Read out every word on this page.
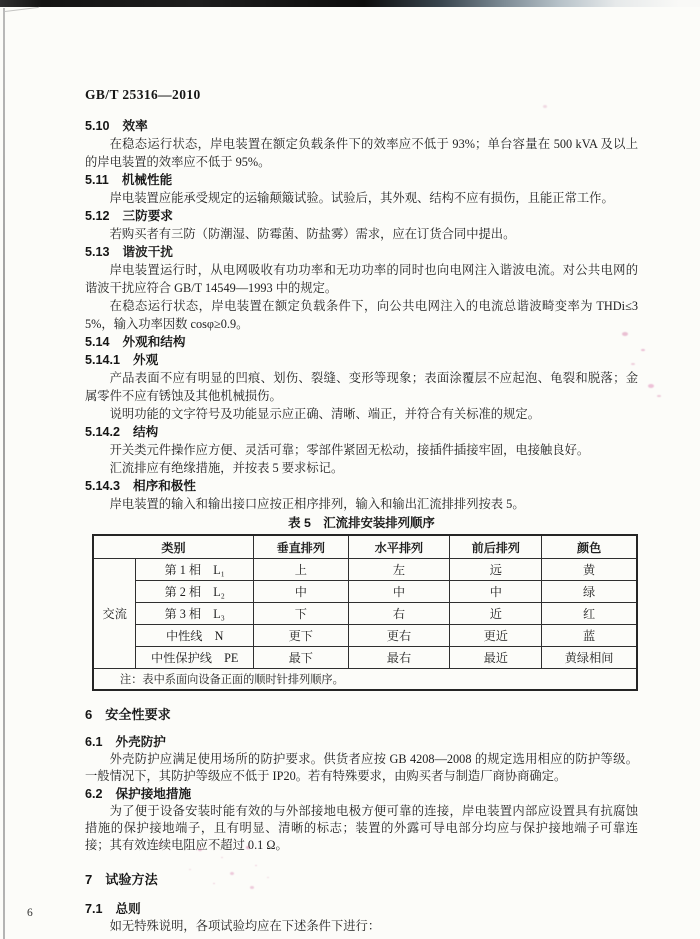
GB/T 25316—2010

5.10 效率

在稳态运行状态，岸电装置在额定负载条件下的效率应不低于 93%；单台容量在 500 kVA 及以上的岸电装置的效率应不低于 95%。

5.11 机械性能

岸电装置应能承受规定的运输颠簸试验。试验后，其外观、结构不应有损伤，且能正常工作。

5.12 三防要求

若购买者有三防（防潮湿、防霉菌、防盐雾）需求，应在订货合同中提出。

5.13 谐波干扰

岸电装置运行时，从电网吸收有功功率和无功功率的同时也向电网注入谐波电流。对公共电网的谐波干扰应符合 GB/T 14549—1993 中的规定。

在稳态运行状态，岸电装置在额定负载条件下，向公共电网注入的电流总谐波畸变率为 THDi≤35%，输入功率因数 cosφ≥0.9。

5.14 外观和结构

5.14.1 外观

产品表面不应有明显的凹痕、划伤、裂缝、变形等现象；表面涂覆层不应起泡、龟裂和脱落；金属零件不应有锈蚀及其他机械损伤。

说明功能的文字符号及功能显示应正确、清晰、端正，并符合有关标准的规定。

5.14.2 结构

开关类元件操作应方便、灵活可靠；零部件紧固无松动，接插件插接牢固，电接触良好。

汇流排应有绝缘措施，并按表 5 要求标记。

5.14.3 相序和极性

岸电装置的输入和输出接口应按正相序排列，输入和输出汇流排排列按表 5。

表 5　汇流排安装排列顺序
类别		垂直排列	水平排列	前后排列	颜色
交流	第 1 相　L₁	上	左	远	黄
	第 2 相　L₂	中	中	中	绿
	第 3 相　L₃	下	右	近	红
	中性线　N	更下	更右	更近	蓝
	中性保护线　PE	最下	最右	最近	黄绿相间
注：表中系面向设备正面的顺时针排列顺序。					

6 安全性要求

6.1 外壳防护

外壳防护应满足使用场所的防护要求。供货者应按 GB 4208—2008 的规定选用相应的防护等级。一般情况下，其防护等级应不低于 IP20。若有特殊要求，由购买者与制造厂商协商确定。

6.2 保护接地措施

为了便于设备安装时能有效的与外部接地电极方便可靠的连接，岸电装置内部应设置具有抗腐蚀措施的保护接地端子，且有明显、清晰的标志；装置的外露可导电部分均应与保护接地端子可靠连接；其有效连续电阻应不超过 0.1 Ω。

7 试验方法

7.1 总则

如无特殊说明，各项试验均应在下述条件下进行：

6
